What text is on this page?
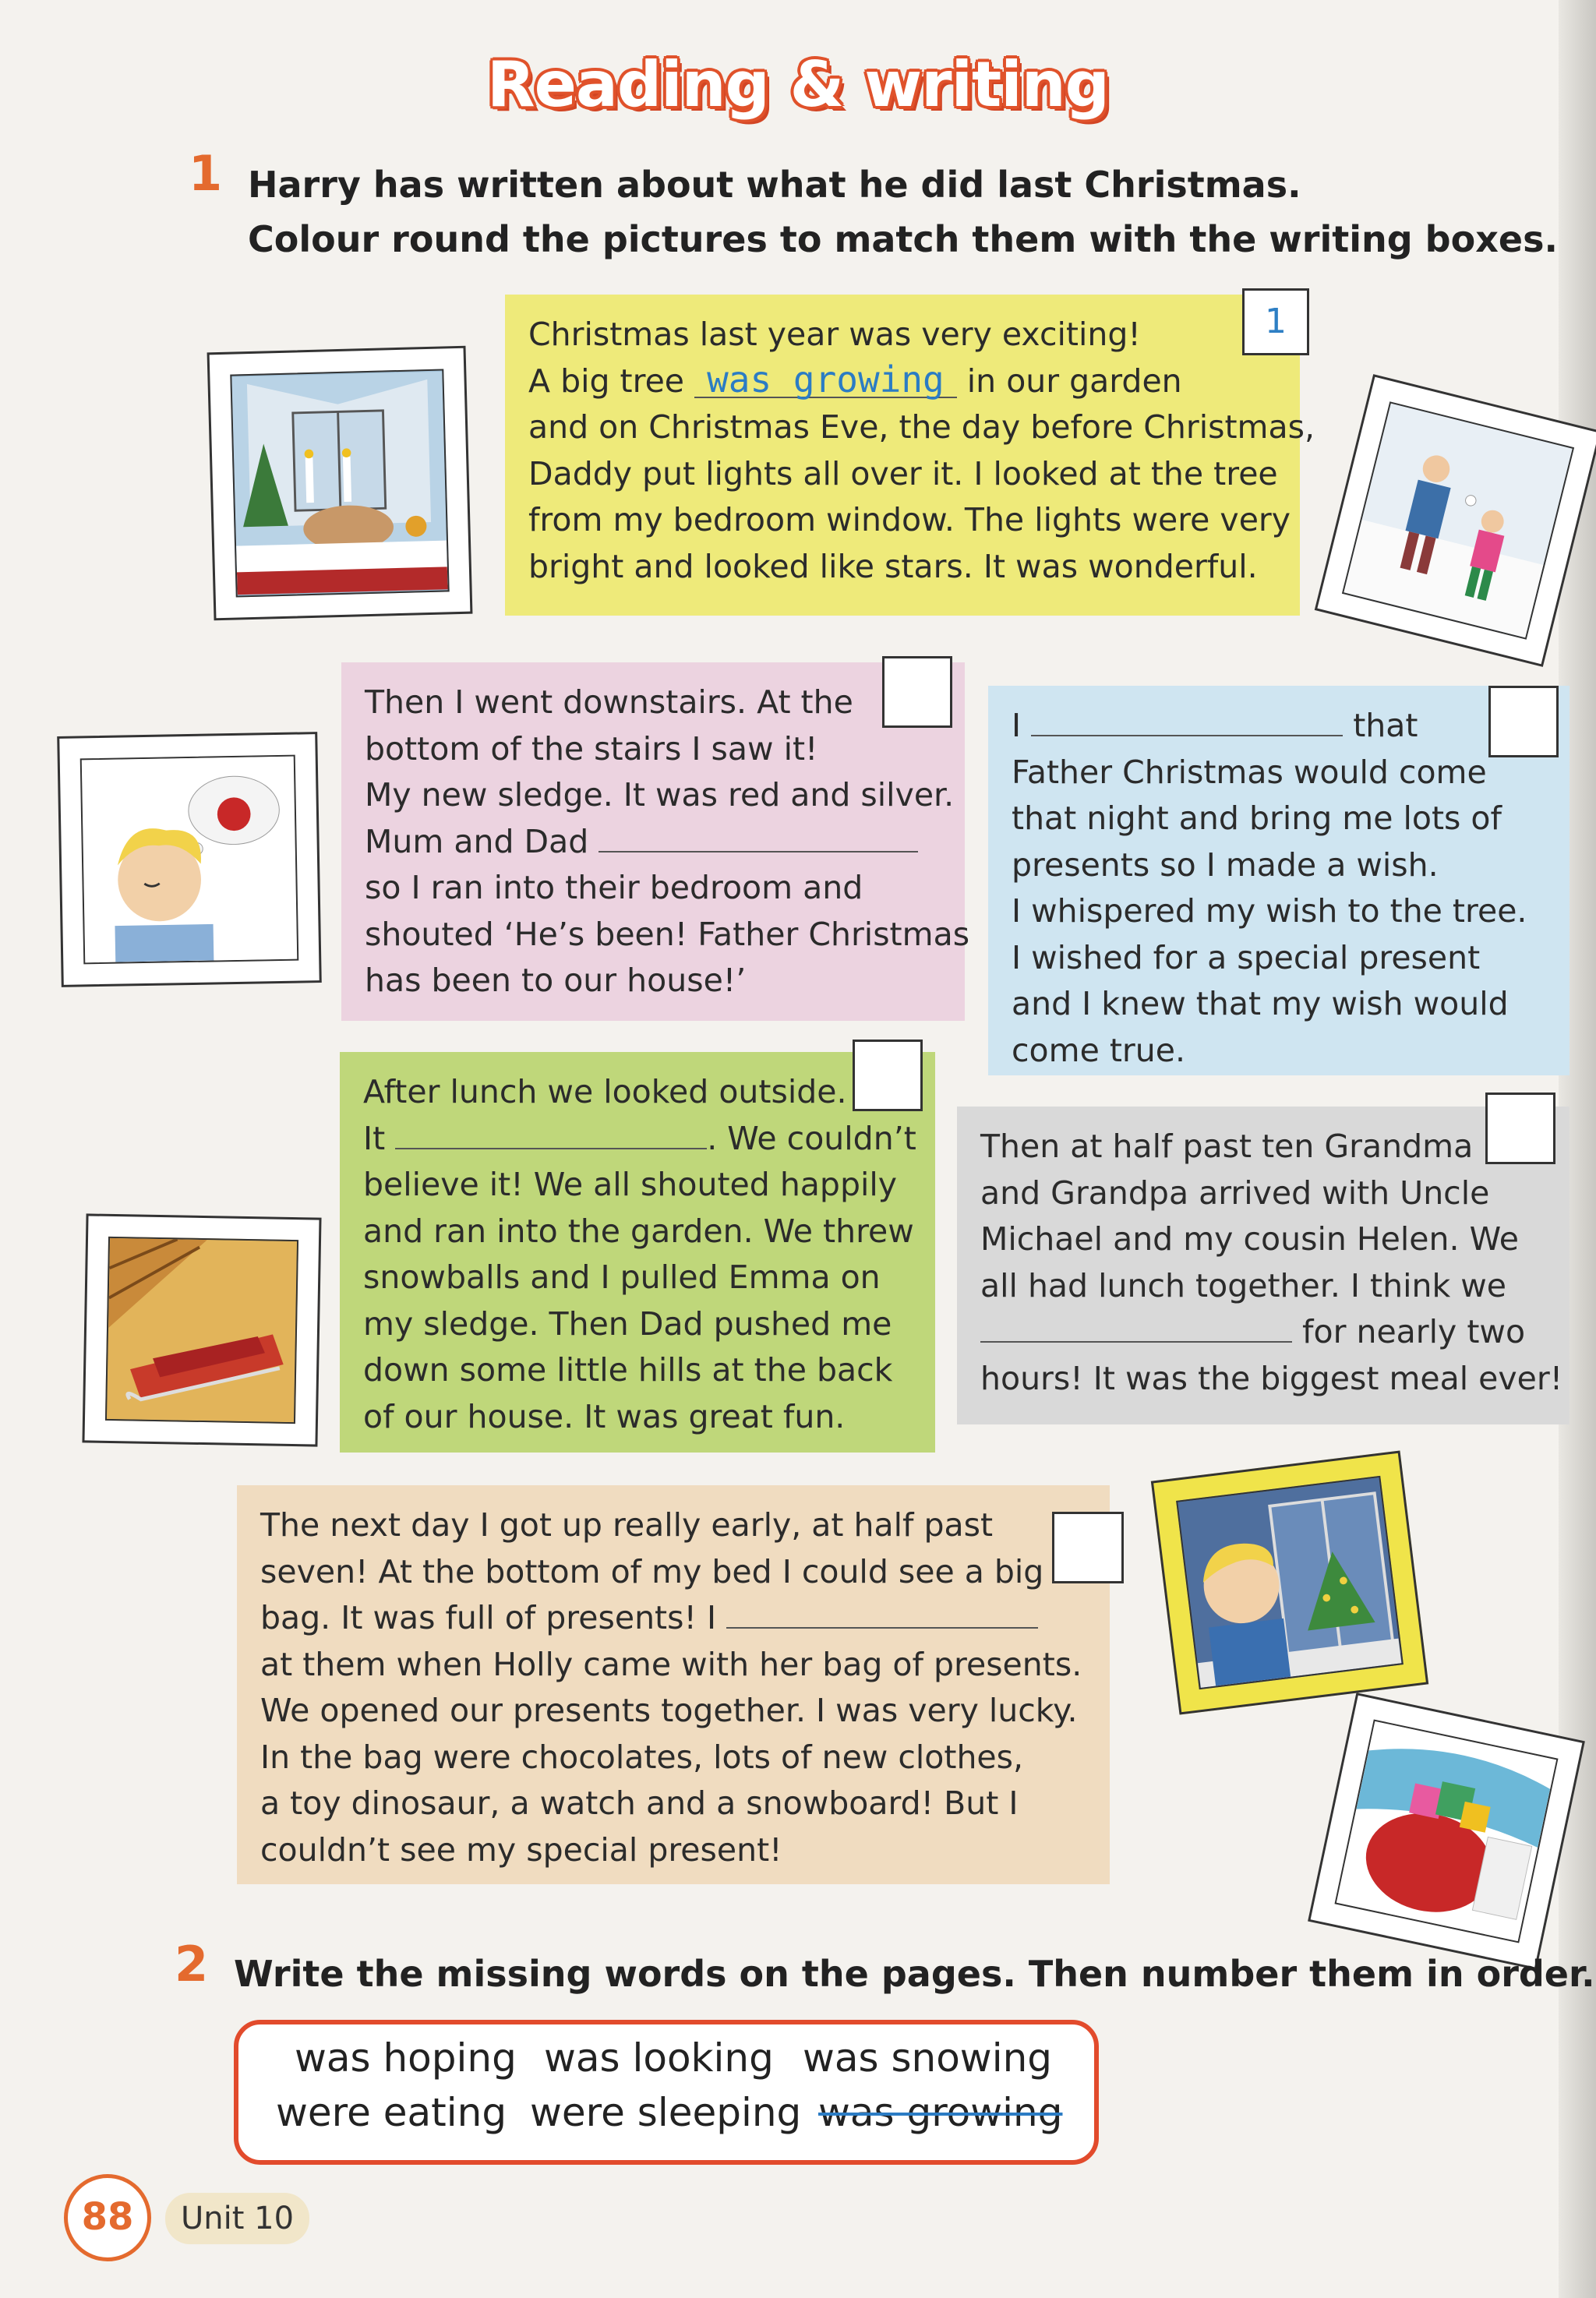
Reading & writing
1 Harry has written about what he did last Christmas.
Colour round the pictures to match them with the writing boxes.

Christmas last year was very exciting!

A big tree was growing in our garden

and on Christmas Eve, the day before Christmas,

Daddy put lights all over it. I looked at the tree

from my bedroom window. The lights were very

bright and looked like stars. It was wonderful.

1

Then I went downstairs. At the

bottom of the stairs I saw it!

My new sledge. It was red and silver.

Mum and Dad

so I ran into their bedroom and

shouted ‘He’s been! Father Christmas

has been to our house!’

I	that

Father Christmas would come

that night and bring me lots of

presents so I made a wish.

I whispered my wish to the tree.

I wished for a special present

and I knew that my wish would

come true.

After lunch we looked outside.

It	. We couldn’t

believe it! We all shouted happily

and ran into the garden. We threw

snowballs and I pulled Emma on

my sledge. Then Dad pushed me

down some little hills at the back

of our house. It was great fun.

Then at half past ten Grandma

and Grandpa arrived with Uncle

Michael and my cousin Helen. We

all had lunch together. I think we

for nearly two

hours! It was the biggest meal ever!

The next day I got up really early, at half past

seven! At the bottom of my bed I could see a big

bag. It was full of presents! I

at them when Holly came with her bag of presents.

We opened our presents together. I was very lucky.

In the bag were chocolates, lots of new clothes,

a toy dinosaur, a watch and a snowboard! But I

couldn’t see my special present!

2 Write the missing words on the pages. Then number them in order.
was hoping was looking was snowing
were eating were sleeping was growing
88	Unit 10
